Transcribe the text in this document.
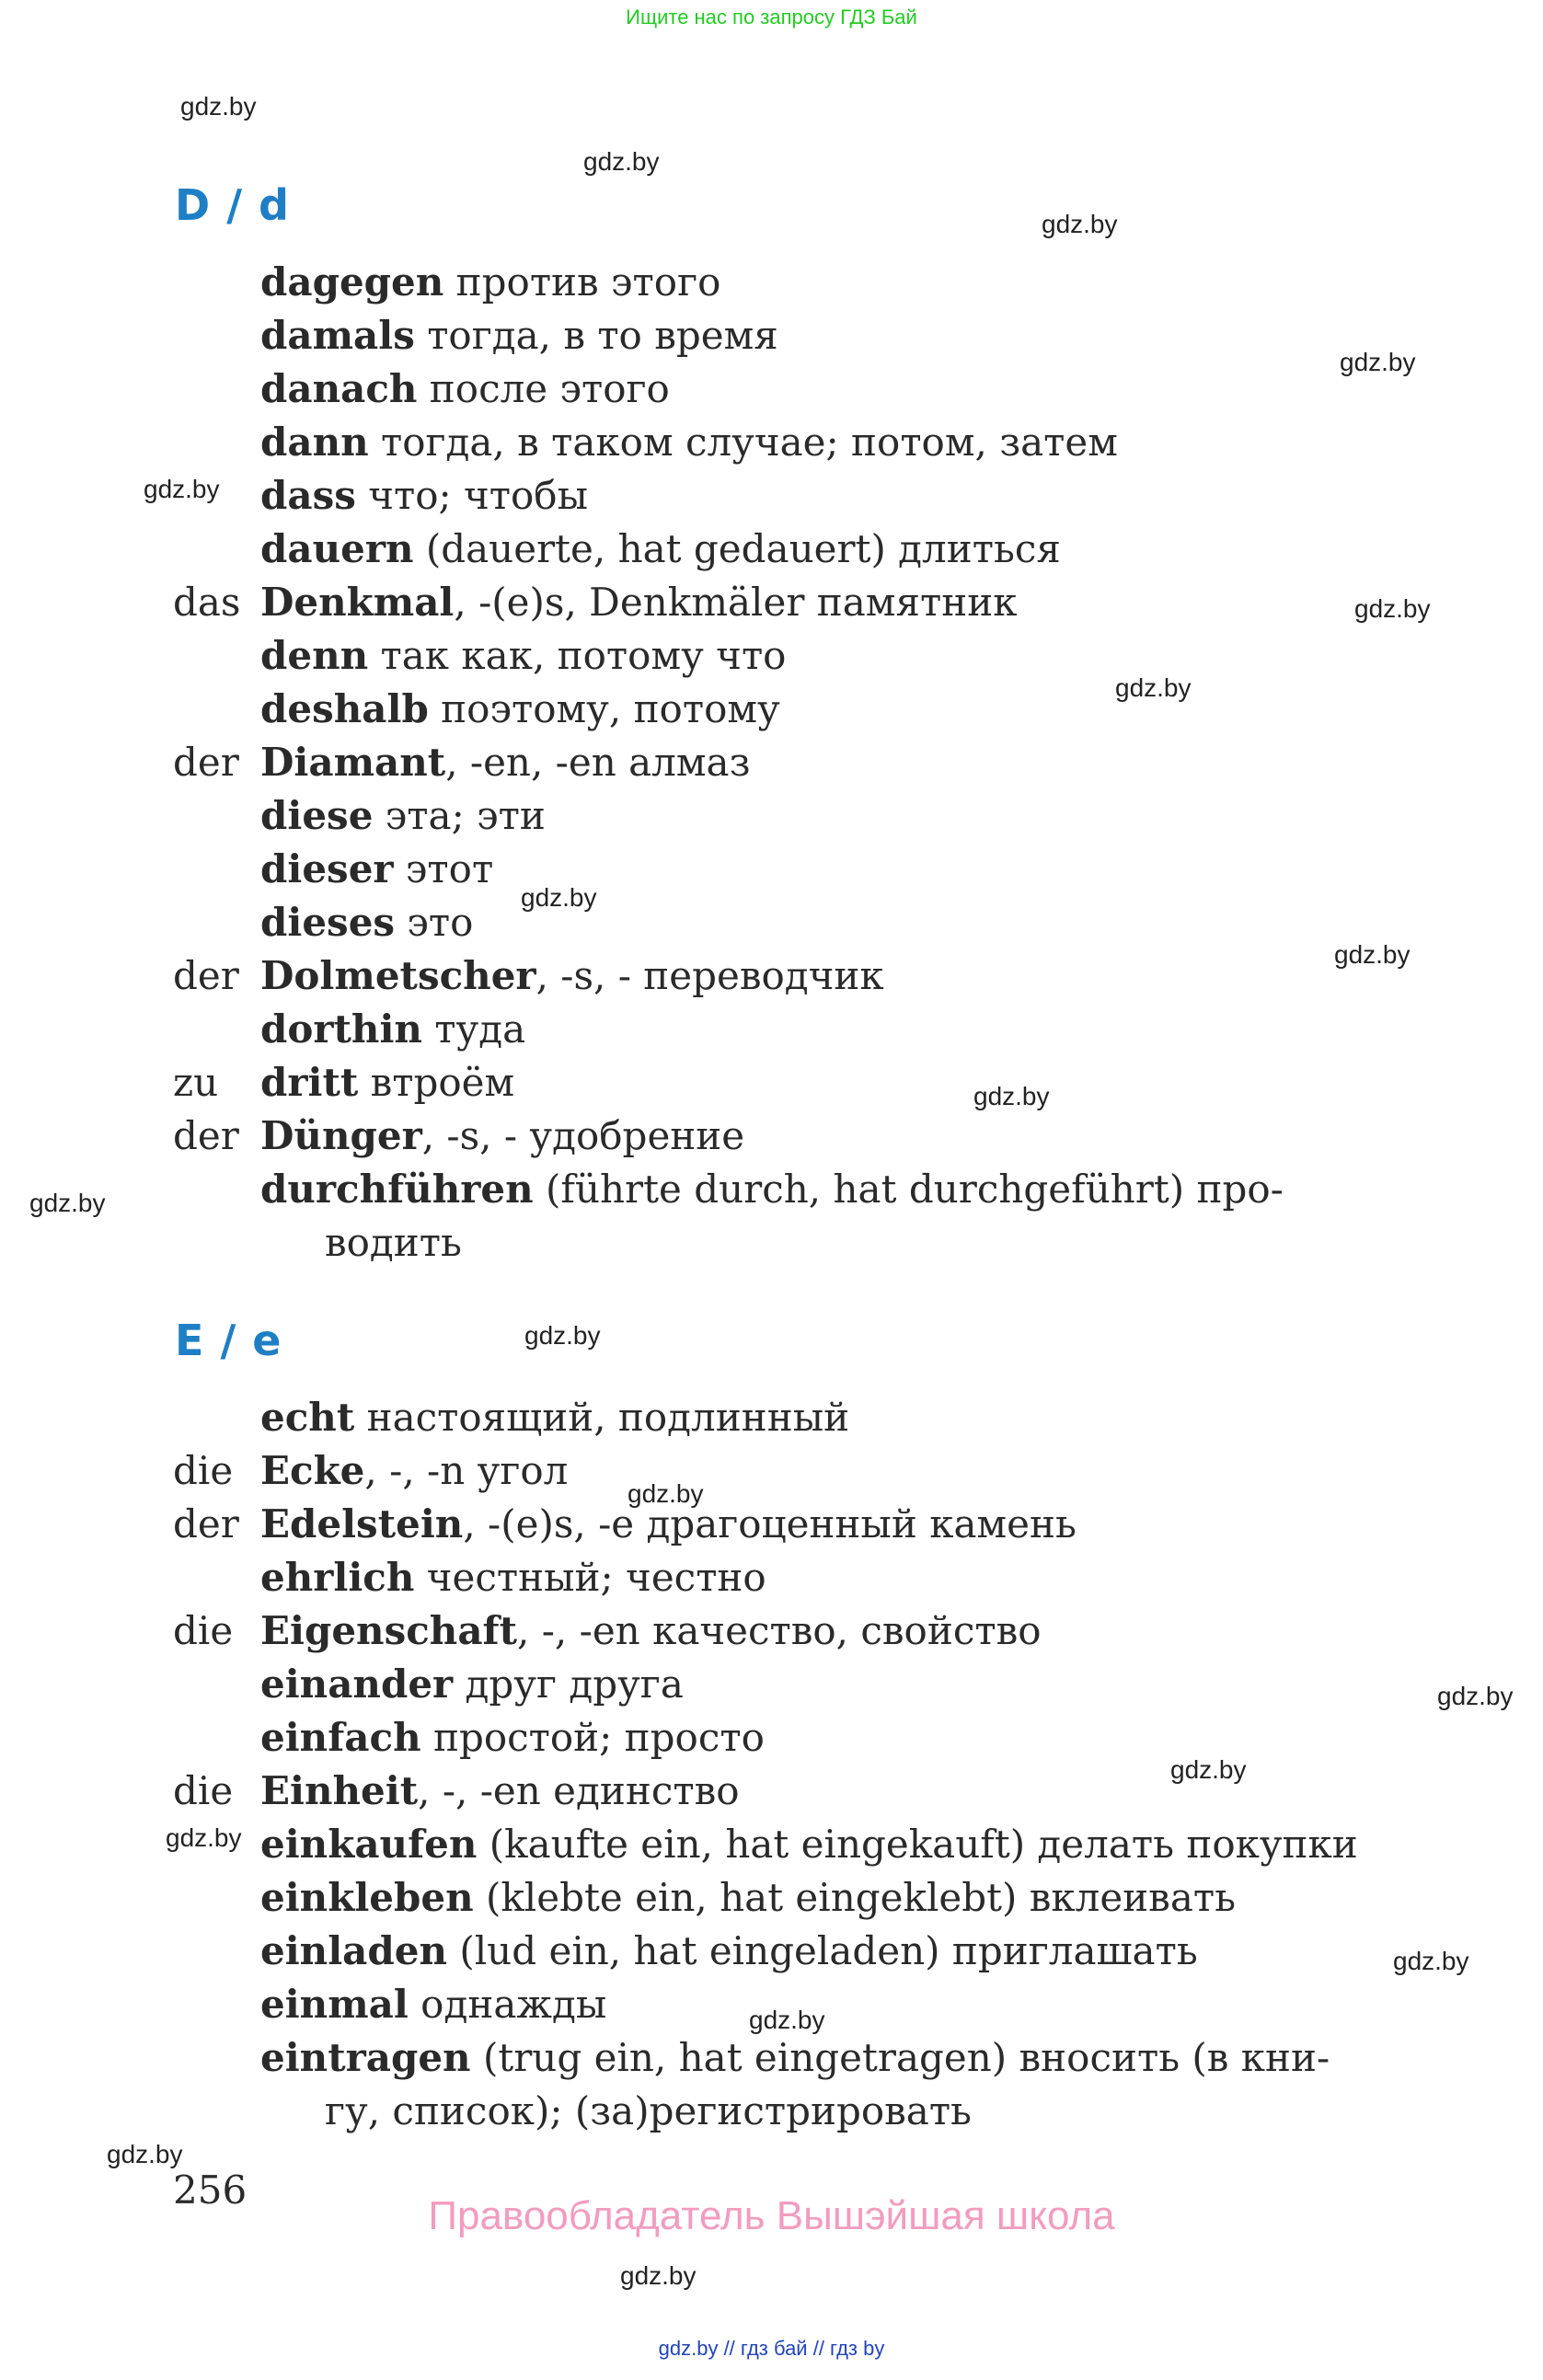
Ищите нас по запросу ГДЗ Бай
gdz.by
gdz.by
gdz.by
gdz.by
gdz.by
gdz.by
gdz.by
gdz.by
gdz.by
gdz.by
gdz.by
gdz.by
gdz.by
gdz.by
gdz.by
gdz.by
gdz.by
gdz.by
gdz.by
gdz.by
D / d
dagegen против этого
damals тогда, в то время
danach после этого
dann тогда, в таком случае; потом, затем
dass что; чтобы
dauern (dauerte, hat gedauert) длиться
das Denkmal, -(e)s, Denkmäler памятник
denn так как, потому что
deshalb поэтому, потому
der Diamant, -en, -en алмаз
diese эта; эти
dieser этот
dieses это
der Dolmetscher, -s, - переводчик
dorthin туда
zu dritt втроём
der Dünger, -s, - удобрение
durchführen (führte durch, hat durchgeführt) про-
водить
E / e
echt настоящий, подлинный
die Ecke, -, -n угол
der Edelstein, -(e)s, -e драгоценный камень
ehrlich честный; честно
die Eigenschaft, -, -en качество, свойство
einander друг друга
einfach простой; просто
die Einheit, -, -en единство
einkaufen (kaufte ein, hat eingekauft) делать покупки
einkleben (klebte ein, hat eingeklebt) вклеивать
einladen (lud ein, hat eingeladen) приглашать
einmal однажды
eintragen (trug ein, hat eingetragen) вносить (в кни-
гу, список); (за)регистрировать
256
Правообладатель Вышэйшая школа
gdz.by // гдз бай // гдз by
